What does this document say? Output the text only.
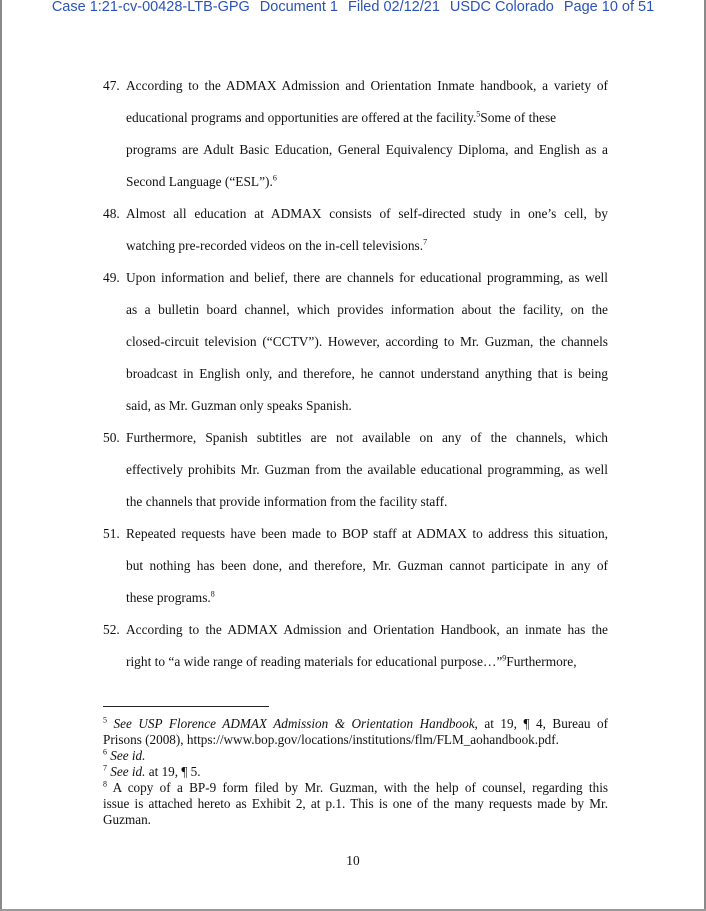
Case 1:21-cv-00428-LTB-GPG Document 1 Filed 02/12/21 USDC Colorado Page 10 of 51
47. According to the ADMAX Admission and Orientation Inmate handbook, a variety of
educational programs and opportunities are offered at the facility.$^5$Some of these
programs are Adult Basic Education, General Equivalency Diploma, and English as a
Second Language (“ESL”).$^6$
48. Almost all education at ADMAX consists of self-directed study in one’s cell, by
watching pre-recorded videos on the in-cell televisions.$^7$
49. Upon information and belief, there are channels for educational programming, as well
as a bulletin board channel, which provides information about the facility, on the
closed-circuit television (“CCTV”). However, according to Mr. Guzman, the channels
broadcast in English only, and therefore, he cannot understand anything that is being
said, as Mr. Guzman only speaks Spanish.
50. Furthermore, Spanish subtitles are not available on any of the channels, which
effectively prohibits Mr. Guzman from the available educational programming, as well
the channels that provide information from the facility staff.
51. Repeated requests have been made to BOP staff at ADMAX to address this situation,
but nothing has been done, and therefore, Mr. Guzman cannot participate in any of
these programs.$^8$
52. According to the ADMAX Admission and Orientation Handbook, an inmate has the
right to “a wide range of reading materials for educational purpose…”$^9$Furthermore,
$^5$ See USP Florence ADMAX Admission & Orientation Handbook, at 19, ¶ 4, Bureau of
Prisons (2008), https://www.bop.gov/locations/institutions/flm/FLM_aohandbook.pdf.
$^6$ See id.
$^7$ See id. at 19, ¶ 5.
$^8$ A copy of a BP-9 form filed by Mr. Guzman, with the help of counsel, regarding this
issue is attached hereto as Exhibit 2, at p.1. This is one of the many requests made by Mr.
Guzman.
10
